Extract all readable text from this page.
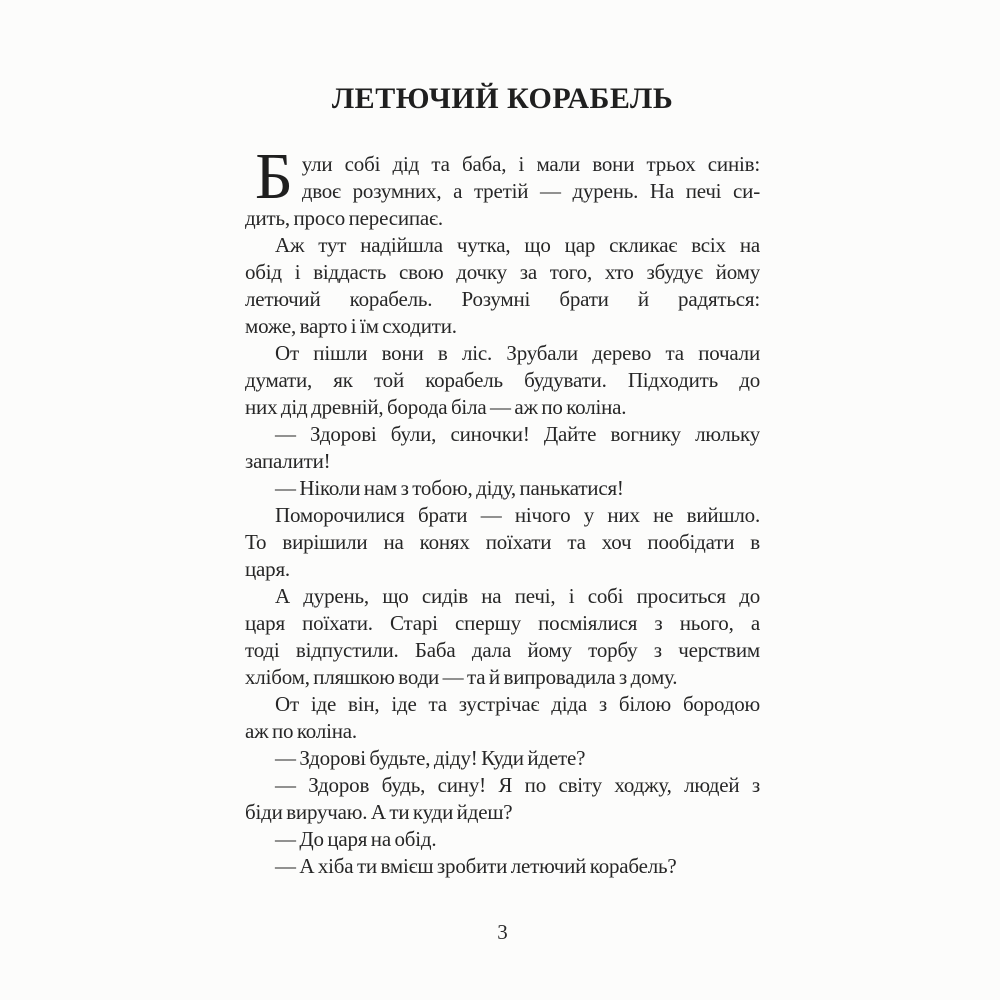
ЛЕТЮЧИЙ КОРАБЕЛЬ
Б ули собі дід та баба, і мали вони трьох синів:
двоє розумних, а третій — дурень. На печі си-
дить, просо пересипає.
Аж тут надійшла чутка, що цар скликає всіх на
обід і віддасть свою дочку за того, хто збудує йому
летючий корабель. Розумні брати й радяться:
може, варто і їм сходити.
От пішли вони в ліс. Зрубали дерево та почали
думати, як той корабель будувати. Підходить до
них дід древній, борода біла — аж по коліна.
— Здорові були, синочки! Дайте вогнику люльку
запалити!
— Ніколи нам з тобою, діду, панькатися!
Поморочилися брати — нічого у них не вийшло.
То вирішили на конях поїхати та хоч пообідати в
царя.
А дурень, що сидів на печі, і собі проситься до
царя поїхати. Старі спершу посміялися з нього, а
тоді відпустили. Баба дала йому торбу з черствим
хлібом, пляшкою води — та й випровадила з дому.
От іде він, іде та зустрічає діда з білою бородою
аж по коліна.
— Здорові будьте, діду! Куди йдете?
— Здоров будь, сину! Я по світу ходжу, людей з
біди виручаю. А ти куди йдеш?
— До царя на обід.
— А хіба ти вмієш зробити летючий корабель?
3
